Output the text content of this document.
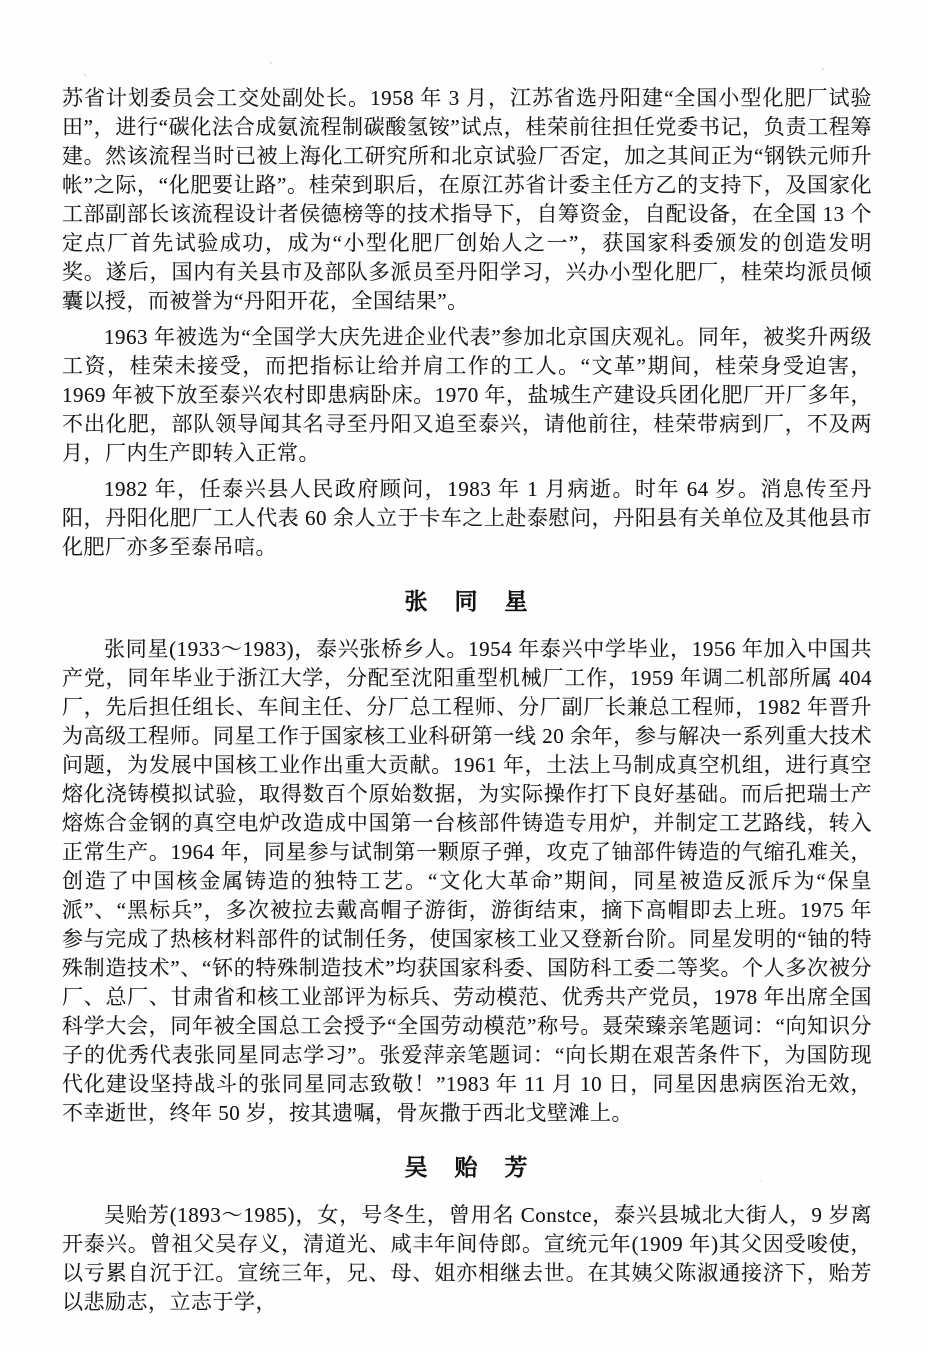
苏省计划委员会工交处副处长。1958 年 3 月，江苏省选丹阳建“全国小型化肥厂试验田”，进行“碳化法合成氨流程制碳酸氢铵”试点，桂荣前往担任党委书记，负责工程筹建。然该流程当时已被上海化工研究所和北京试验厂否定，加之其间正为“钢铁元师升帐”之际，“化肥要让路”。桂荣到职后，在原江苏省计委主任方乙的支持下，及国家化工部副部长该流程设计者侯德榜等的技术指导下，自筹资金，自配设备，在全国 13 个定点厂首先试验成功，成为“小型化肥厂创始人之一”，获国家科委颁发的创造发明奖。遂后，国内有关县市及部队多派员至丹阳学习，兴办小型化肥厂，桂荣均派员倾囊以授，而被誉为“丹阳开花，全国结果”。

1963 年被选为“全国学大庆先进企业代表”参加北京国庆观礼。同年，被奖升两级工资，桂荣未接受，而把指标让给并肩工作的工人。“文革”期间，桂荣身受迫害，1969 年被下放至泰兴农村即患病卧床。1970 年，盐城生产建设兵团化肥厂开厂多年，不出化肥，部队领导闻其名寻至丹阳又追至泰兴，请他前往，桂荣带病到厂，不及两月，厂内生产即转入正常。

1982 年，任泰兴县人民政府顾问，1983 年 1 月病逝。时年 64 岁。消息传至丹阳，丹阳化肥厂工人代表 60 余人立于卡车之上赴泰慰问，丹阳县有关单位及其他县市化肥厂亦多至泰吊唁。

张　同　星

张同星(1933～1983)，泰兴张桥乡人。1954 年泰兴中学毕业，1956 年加入中国共产党，同年毕业于浙江大学，分配至沈阳重型机械厂工作，1959 年调二机部所属 404 厂，先后担任组长、车间主任、分厂总工程师、分厂副厂长兼总工程师，1982 年晋升为高级工程师。同星工作于国家核工业科研第一线 20 余年，参与解决一系列重大技术问题，为发展中国核工业作出重大贡献。1961 年，土法上马制成真空机组，进行真空熔化浇铸模拟试验，取得数百个原始数据，为实际操作打下良好基础。而后把瑞士产熔炼合金钢的真空电炉改造成中国第一台核部件铸造专用炉，并制定工艺路线，转入正常生产。1964 年，同星参与试制第一颗原子弹，攻克了铀部件铸造的气缩孔难关，创造了中国核金属铸造的独特工艺。“文化大革命”期间，同星被造反派斥为“保皇派”、“黑标兵”，多次被拉去戴高帽子游街，游街结束，摘下高帽即去上班。1975 年参与完成了热核材料部件的试制任务，使国家核工业又登新台阶。同星发明的“铀的特殊制造技术”、“钚的特殊制造技术”均获国家科委、国防科工委二等奖。个人多次被分厂、总厂、甘肃省和核工业部评为标兵、劳动模范、优秀共产党员，1978 年出席全国科学大会，同年被全国总工会授予“全国劳动模范”称号。聂荣臻亲笔题词：“向知识分子的优秀代表张同星同志学习”。张爱萍亲笔题词：“向长期在艰苦条件下，为国防现代化建设坚持战斗的张同星同志致敬！”1983 年 11 月 10 日，同星因患病医治无效，不幸逝世，终年 50 岁，按其遗嘱，骨灰撒于西北戈壁滩上。

吴　贻　芳

吴贻芳(1893～1985)，女，号冬生，曾用名 Constce，泰兴县城北大街人，9 岁离开泰兴。曾祖父吴存义，清道光、咸丰年间侍郎。宣统元年(1909 年)其父因受唆使，以亏累自沉于江。宣统三年，兄、母、姐亦相继去世。在其姨父陈淑通接济下，贻芳以悲励志，立志于学，
